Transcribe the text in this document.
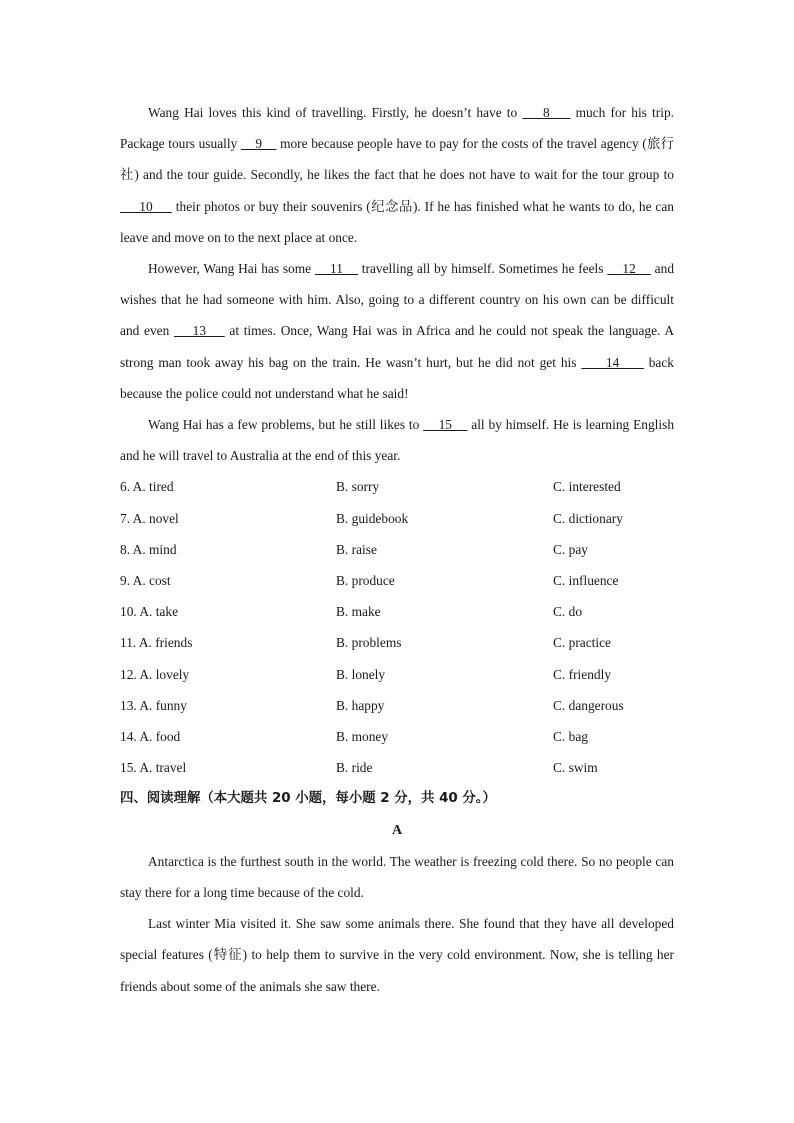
Wang Hai loves this kind of travelling. Firstly, he doesn’t have to     8     much for his trip. Package tours usually     9     more because people have to pay for the costs of the travel agency (旅行社) and the tour guide. Secondly, he likes the fact that he does not have to wait for the tour group to      10      their photos or buy their souvenirs (纪念品). If he has finished what he wants to do, he can leave and move on to the next place at once.

However, Wang Hai has some     11     travelling all by himself. Sometimes he feels     12     and wishes that he had someone with him. Also, going to a different country on his own can be difficult and even     13     at times. Once, Wang Hai was in Africa and he could not speak the language. A strong man took away his bag on the train. He wasn’t hurt, but he did not get his      14      back because the police could not understand what he said!

Wang Hai has a few problems, but he still likes to     15     all by himself. He is learning English and he will travel to Australia at the end of this year.

6. A. tired	B. sorry	C. interested
7. A. novel	B. guidebook	C. dictionary
8. A. mind	B. raise	C. pay
9. A. cost	B. produce	C. influence
10. A. take	B. make	C. do
11. A. friends	B. problems	C. practice
12. A. lovely	B. lonely	C. friendly
13. A. funny	B. happy	C. dangerous
14. A. food	B. money	C. bag
15. A. travel	B. ride	C. swim

四、阅读理解（本大题共 20 小题，每小题 2 分，共 40 分。）

A

Antarctica is the furthest south in the world. The weather is freezing cold there. So no people can stay there for a long time because of the cold.

Last winter Mia visited it. She saw some animals there. She found that they have all developed special features (特征) to help them to survive in the very cold environment. Now, she is telling her friends about some of the animals she saw there.
